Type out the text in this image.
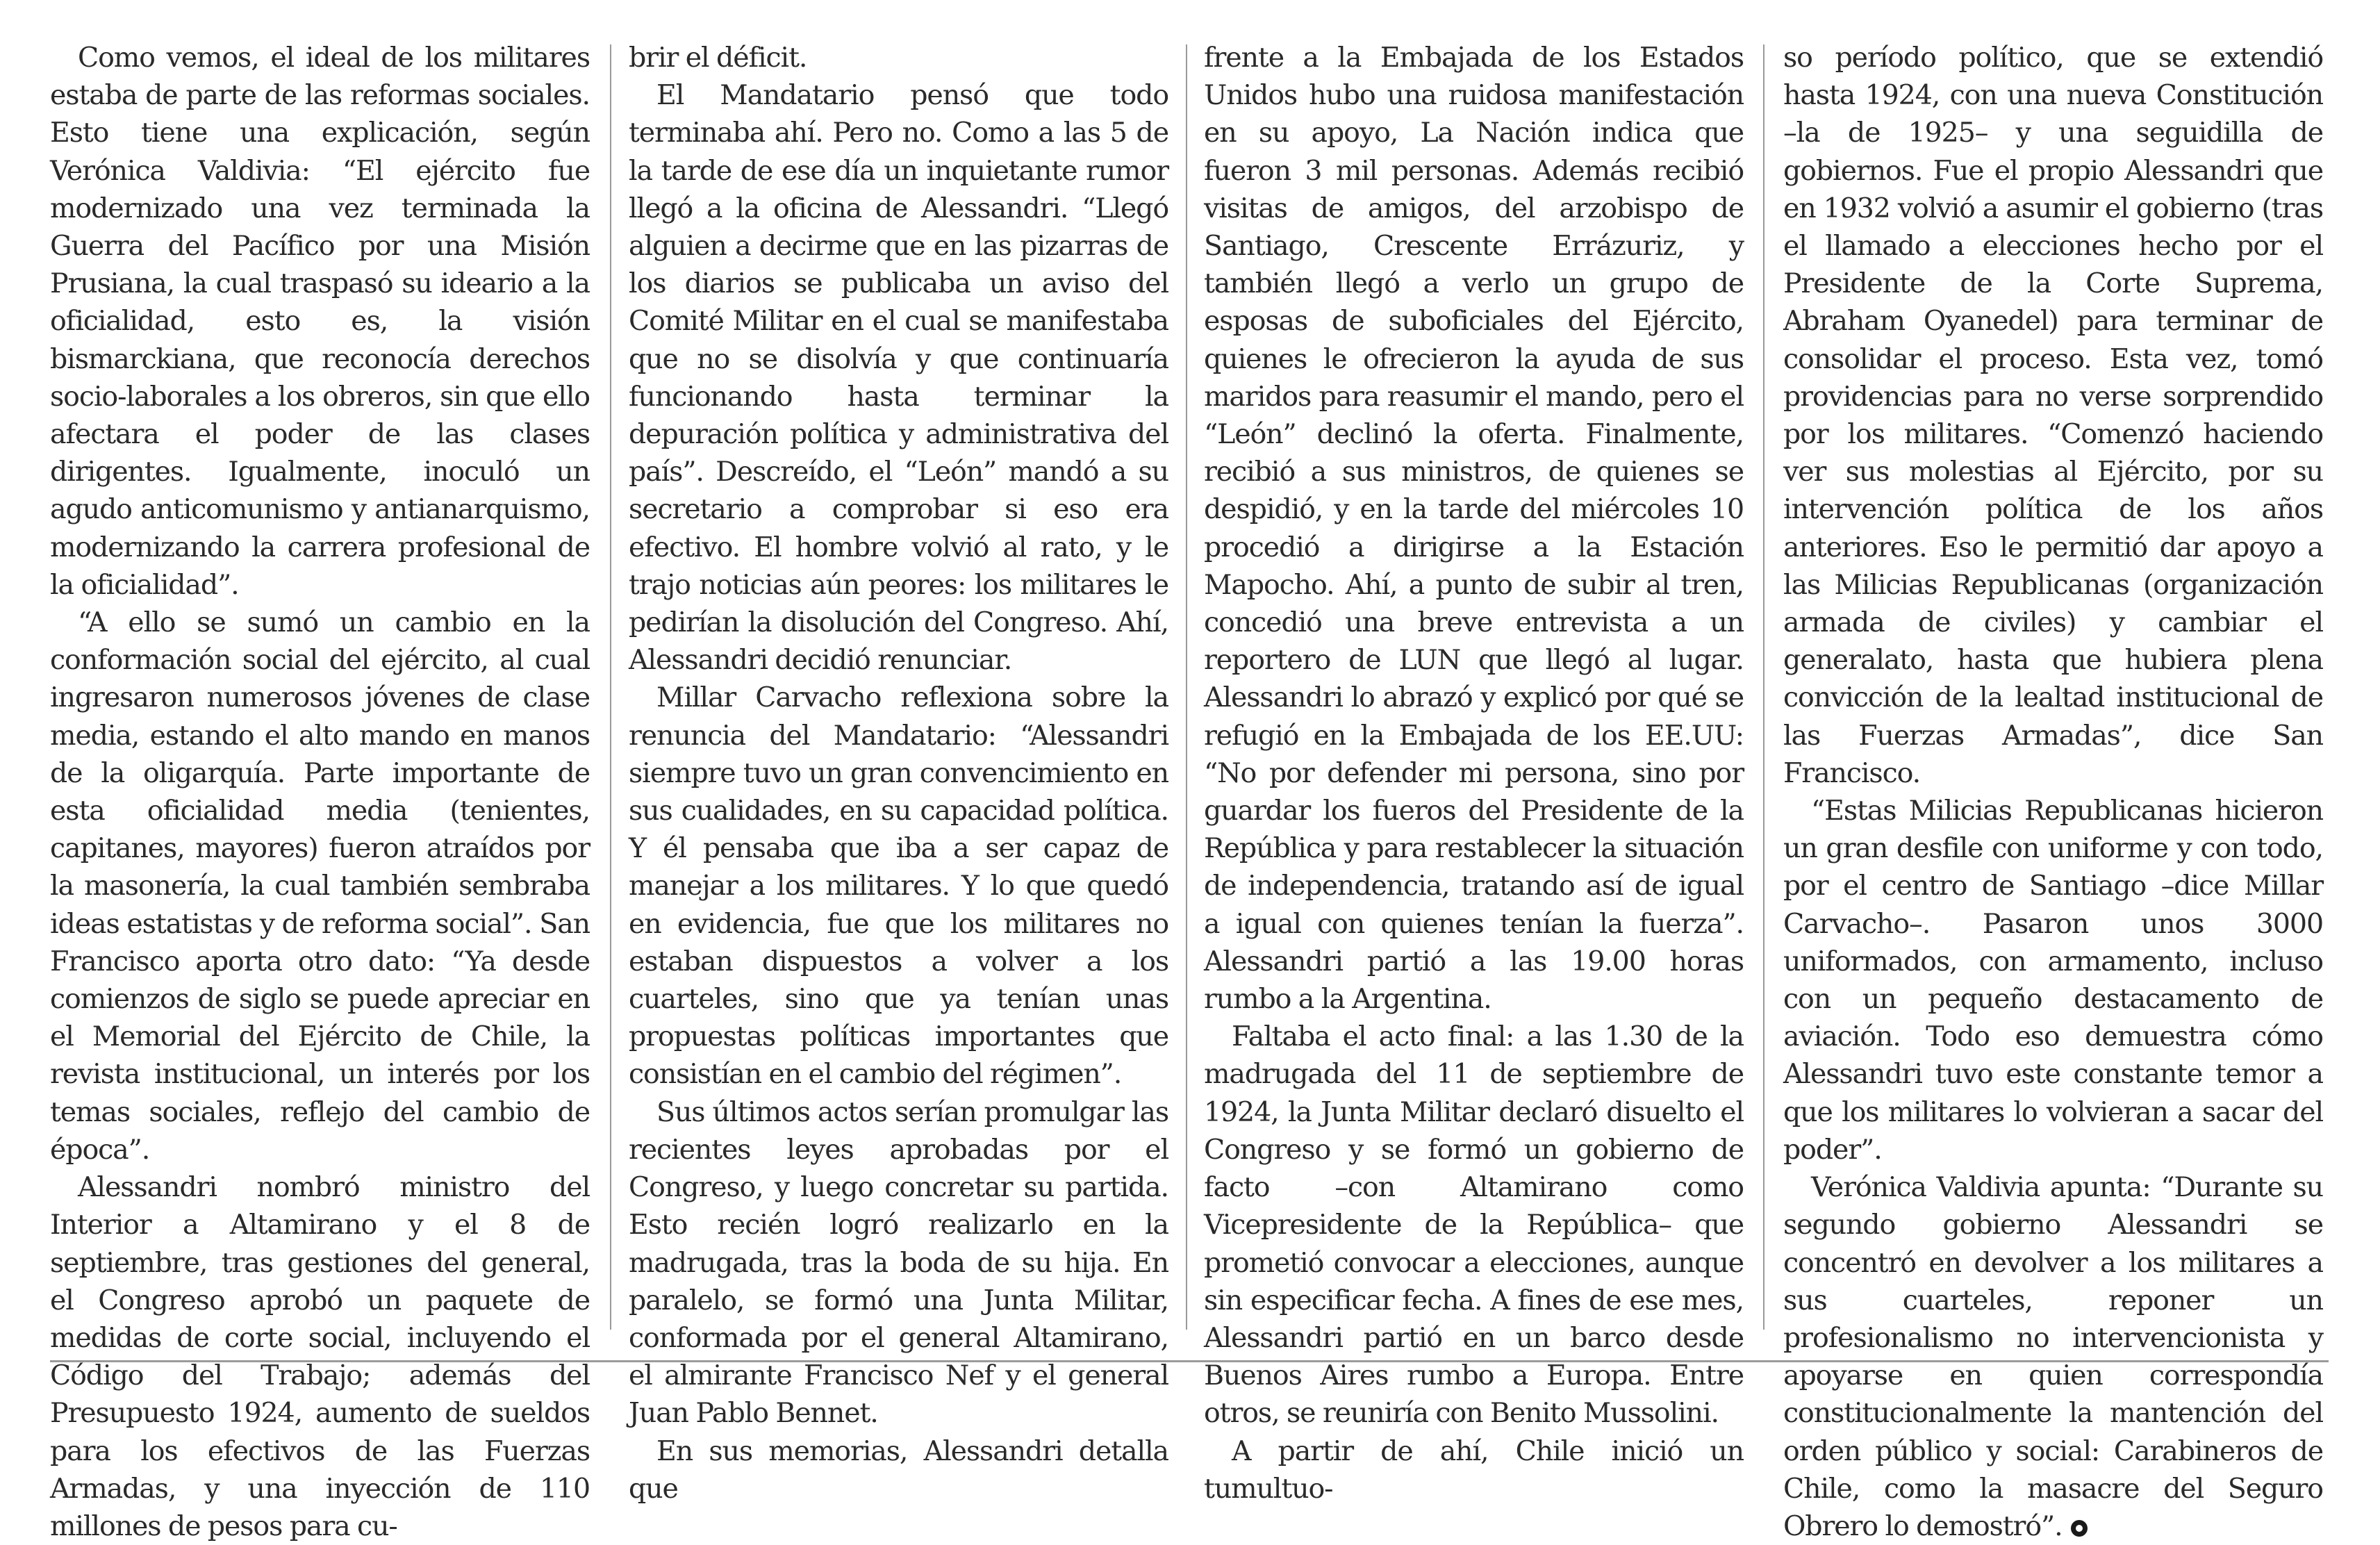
Como vemos, el ideal de los militares estaba de parte de las reformas sociales. Esto tiene una explicación, según Verónica Valdivia: “El ejército fue modernizado una vez terminada la Guerra del Pacífico por una Misión Prusiana, la cual traspasó su ideario a la oficialidad, esto es, la visión bismarckiana, que reconocía derechos socio-laborales a los obreros, sin que ello afectara el poder de las clases dirigentes. Igualmente, inoculó un agudo anticomunismo y antianarquismo, modernizando la carrera profesional de la oficialidad”.

“A ello se sumó un cambio en la conformación social del ejército, al cual ingresaron numerosos jóvenes de clase media, estando el alto mando en manos de la oligarquía. Parte importante de esta oficialidad media (tenientes, capitanes, mayores) fueron atraídos por la masonería, la cual también sembraba ideas estatistas y de reforma social”. San Francisco aporta otro dato: “Ya desde comienzos de siglo se puede apreciar en el Memorial del Ejército de Chile, la revista institucional, un interés por los temas sociales, reflejo del cambio de época”.

Alessandri nombró ministro del Interior a Altamirano y el 8 de septiembre, tras gestiones del general, el Congreso aprobó un paquete de medidas de corte social, incluyendo el Código del Trabajo; además del Presupuesto 1924, aumento de sueldos para los efectivos de las Fuerzas Armadas, y una inyección de 110 millones de pesos para cu-

brir el déficit.

El Mandatario pensó que todo terminaba ahí. Pero no. Como a las 5 de la tarde de ese día un inquietante rumor llegó a la oficina de Alessandri. “Llegó alguien a decirme que en las pizarras de los diarios se publicaba un aviso del Comité Militar en el cual se manifestaba que no se disolvía y que continuaría funcionando hasta terminar la depuración política y administrativa del país”. Descreído, el “León” mandó a su secretario a comprobar si eso era efectivo. El hombre volvió al rato, y le trajo noticias aún peores: los militares le pedirían la disolución del Congreso. Ahí, Alessandri decidió renunciar.

Millar Carvacho reflexiona sobre la renuncia del Mandatario: “Alessandri siempre tuvo un gran convencimiento en sus cualidades, en su capacidad política. Y él pensaba que iba a ser capaz de manejar a los militares. Y lo que quedó en evidencia, fue que los militares no estaban dispuestos a volver a los cuarteles, sino que ya tenían unas propuestas políticas importantes que consistían en el cambio del régimen”.

Sus últimos actos serían promulgar las recientes leyes aprobadas por el Congreso, y luego concretar su partida. Esto recién logró realizarlo en la madrugada, tras la boda de su hija. En paralelo, se formó una Junta Militar, conformada por el general Altamirano, el almirante Francisco Nef y el general Juan Pablo Bennet.

En sus memorias, Alessandri detalla que

frente a la Embajada de los Estados Unidos hubo una ruidosa manifestación en su apoyo, La Nación indica que fueron 3 mil personas. Además recibió visitas de amigos, del arzobispo de Santiago, Crescente Errázuriz, y también llegó a verlo un grupo de esposas de suboficiales del Ejército, quienes le ofrecieron la ayuda de sus maridos para reasumir el mando, pero el “León” declinó la oferta. Finalmente, recibió a sus ministros, de quienes se despidió, y en la tarde del miércoles 10 procedió a dirigirse a la Estación Mapocho. Ahí, a punto de subir al tren, concedió una breve entrevista a un reportero de LUN que llegó al lugar. Alessandri lo abrazó y explicó por qué se refugió en la Embajada de los EE.UU: “No por defender mi persona, sino por guardar los fueros del Presidente de la República y para restablecer la situación de independencia, tratando así de igual a igual con quienes tenían la fuerza”. Alessandri partió a las 19.00 horas rumbo a la Argentina.

Faltaba el acto final: a las 1.30 de la madrugada del 11 de septiembre de 1924, la Junta Militar declaró disuelto el Congreso y se formó un gobierno de facto –con Altamirano como Vicepresidente de la República– que prometió convocar a elecciones, aunque sin especificar fecha. A fines de ese mes, Alessandri partió en un barco desde Buenos Aires rumbo a Europa. Entre otros, se reuniría con Benito Mussolini.

A partir de ahí, Chile inició un tumultuo-

so período político, que se extendió hasta 1924, con una nueva Constitución –la de 1925– y una seguidilla de gobiernos. Fue el propio Alessandri que en 1932 volvió a asumir el gobierno (tras el llamado a elecciones hecho por el Presidente de la Corte Suprema, Abraham Oyanedel) para terminar de consolidar el proceso. Esta vez, tomó providencias para no verse sorprendido por los militares. “Comenzó haciendo ver sus molestias al Ejército, por su intervención política de los años anteriores. Eso le permitió dar apoyo a las Milicias Republicanas (organización armada de civiles) y cambiar el generalato, hasta que hubiera plena convicción de la lealtad institucional de las Fuerzas Armadas”, dice San Francisco.

“Estas Milicias Republicanas hicieron un gran desfile con uniforme y con todo, por el centro de Santiago –dice Millar Carvacho–. Pasaron unos 3000 uniformados, con armamento, incluso con un pequeño destacamento de aviación. Todo eso demuestra cómo Alessandri tuvo este constante temor a que los militares lo volvieran a sacar del poder”.

Verónica Valdivia apunta: “Durante su segundo gobierno Alessandri se concentró en devolver a los militares a sus cuarteles, reponer un profesionalismo no intervencionista y apoyarse en quien correspondía constitucionalmente la mantención del orden público y social: Carabineros de Chile, como la masacre del Seguro Obrero lo demostró”.
